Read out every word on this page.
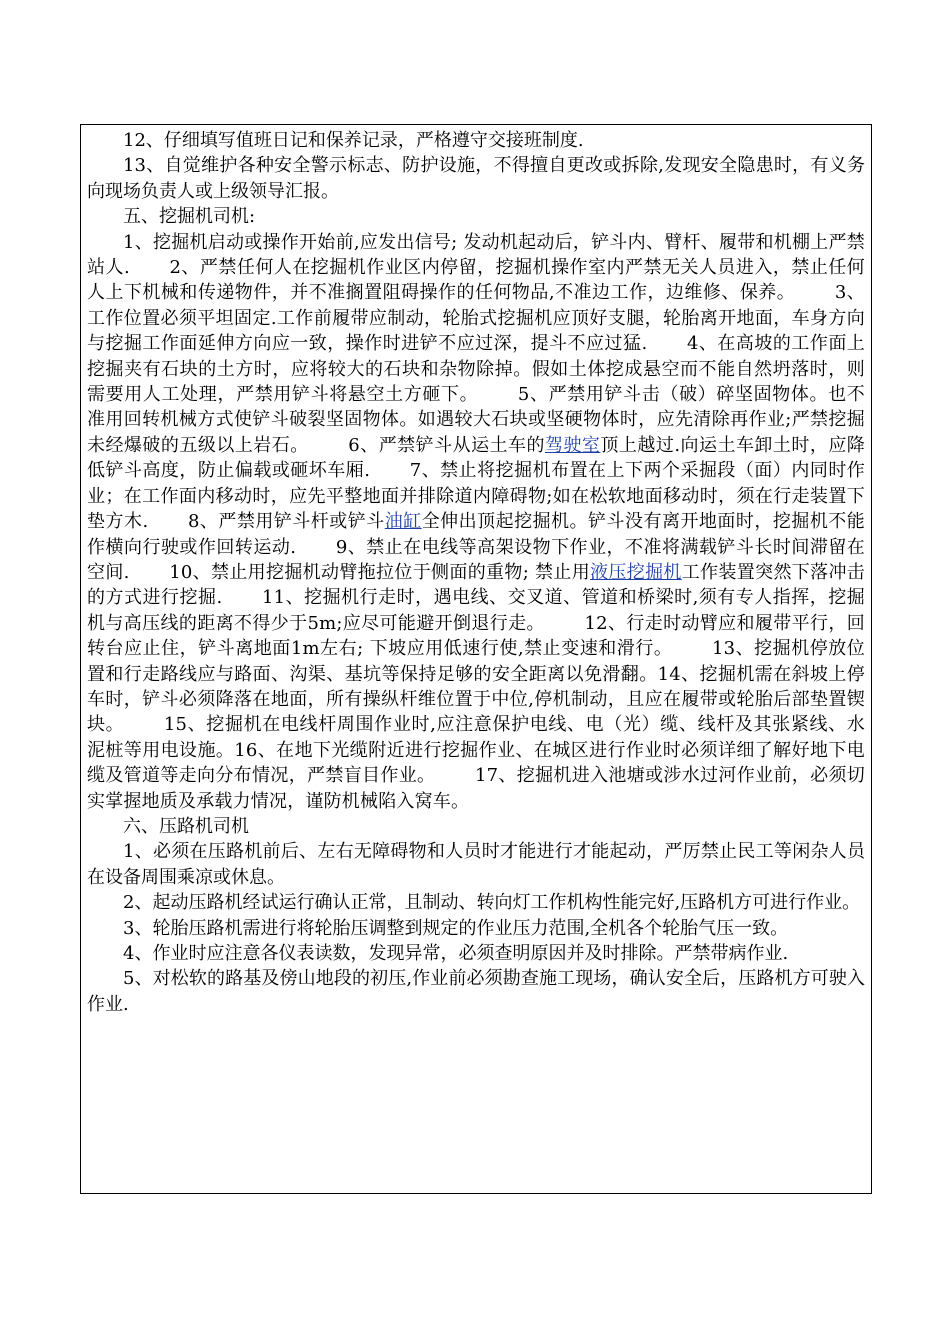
12、仔细填写值班日记和保养记录，严格遵守交接班制度.

13、自觉维护各种安全警示标志、防护设施，不得擅自更改或拆除,发现安全隐患时，有义务向现场负责人或上级领导汇报。

五、挖掘机司机:

1、挖掘机启动或操作开始前,应发出信号; 发动机起动后，铲斗内、臂杆、履带和机棚上严禁站人. 2、严禁任何人在挖掘机作业区内停留，挖掘机操作室内严禁无关人员进入，禁止任何人上下机械和传递物件，并不准搁置阻碍操作的任何物品,不准边工作，边维修、保养。 3、工作位置必须平坦固定.工作前履带应制动，轮胎式挖掘机应顶好支腿，轮胎离开地面，车身方向与挖掘工作面延伸方向应一致，操作时进铲不应过深，提斗不应过猛. 4、在高坡的工作面上挖掘夹有石块的土方时，应将较大的石块和杂物除掉。假如土体挖成悬空而不能自然坍落时，则需要用人工处理，严禁用铲斗将悬空土方砸下。 5、严禁用铲斗击（破）碎坚固物体。也不准用回转机械方式使铲斗破裂坚固物体。如遇较大石块或坚硬物体时，应先清除再作业;严禁挖掘未经爆破的五级以上岩石。 6、严禁铲斗从运土车的驾驶室顶上越过.向运土车卸土时，应降低铲斗高度，防止偏载或砸坏车厢. 7、禁止将挖掘机布置在上下两个采掘段（面）内同时作业；在工作面内移动时，应先平整地面并排除道内障碍物;如在松软地面移动时，须在行走装置下垫方木. 8、严禁用铲斗杆或铲斗油缸全伸出顶起挖掘机。铲斗没有离开地面时，挖掘机不能作横向行驶或作回转运动. 9、禁止在电线等高架设物下作业，不准将满载铲斗长时间滞留在空间. 10、禁止用挖掘机动臂拖拉位于侧面的重物; 禁止用液压挖掘机工作装置突然下落冲击的方式进行挖掘. 11、挖掘机行走时，遇电线、交叉道、管道和桥梁时,须有专人指挥，挖掘机与高压线的距离不得少于5m;应尽可能避开倒退行走。 12、行走时动臂应和履带平行，回转台应止住，铲斗离地面1m左右; 下坡应用低速行使,禁止变速和滑行。 13、挖掘机停放位置和行走路线应与路面、沟渠、基坑等保持足够的安全距离以免滑翻。14、挖掘机需在斜坡上停车时，铲斗必须降落在地面，所有操纵杆维位置于中位,停机制动，且应在履带或轮胎后部垫置锲块。 15、挖掘机在电线杆周围作业时,应注意保护电线、电（光）缆、线杆及其张紧线、水泥桩等用电设施。16、在地下光缆附近进行挖掘作业、在城区进行作业时必须详细了解好地下电缆及管道等走向分布情况，严禁盲目作业。 17、挖掘机进入池塘或涉水过河作业前，必须切实掌握地质及承载力情况，谨防机械陷入窝车。

六、压路机司机

1、必须在压路机前后、左右无障碍物和人员时才能进行才能起动，严厉禁止民工等闲杂人员在设备周围乘凉或休息。

2、起动压路机经试运行确认正常，且制动、转向灯工作机构性能完好,压路机方可进行作业。

3、轮胎压路机需进行将轮胎压调整到规定的作业压力范围,全机各个轮胎气压一致。

4、作业时应注意各仪表读数，发现异常，必须查明原因并及时排除。严禁带病作业.

5、对松软的路基及傍山地段的初压,作业前必须勘查施工现场，确认安全后，压路机方可驶入作业.
